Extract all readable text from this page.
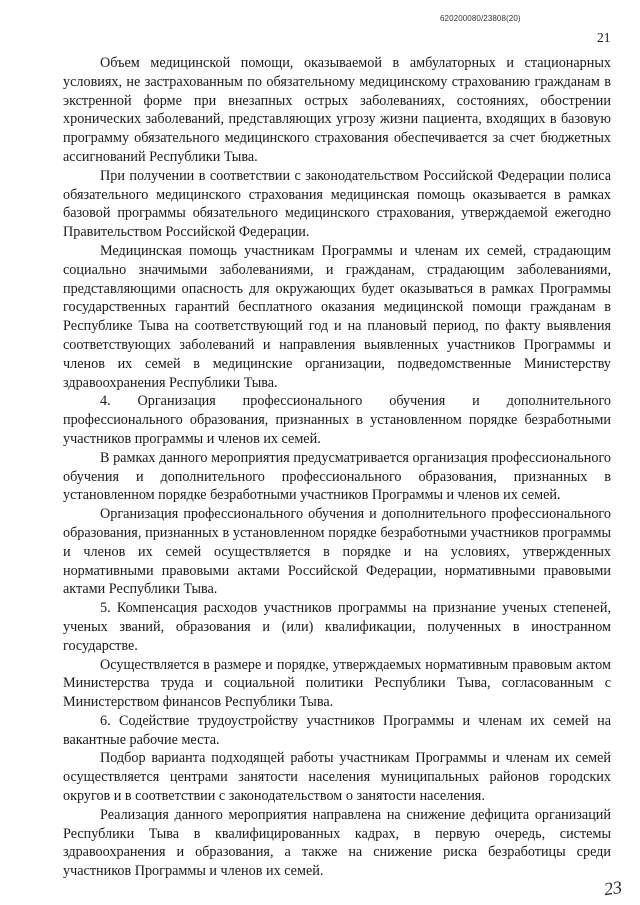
620200080/23808(20)
21

Объем медицинской помощи, оказываемой в амбулаторных и стационарных условиях, не застрахованным по обязательному медицинскому страхованию гражданам в экстренной форме при внезапных острых заболеваниях, состояниях, обострении хронических заболеваний, представляющих угрозу жизни пациента, входящих в базовую программу обязательного медицинского страхования обеспечивается за счет бюджетных ассигнований Республики Тыва.

При получении в соответствии с законодательством Российской Федерации полиса обязательного медицинского страхования медицинская помощь оказывается в рамках базовой программы обязательного медицинского страхования, утверждаемой ежегодно Правительством Российской Федерации.

Медицинская помощь участникам Программы и членам их семей, страдающим социально значимыми заболеваниями, и гражданам, страдающим заболеваниями, представляющими опасность для окружающих будет оказываться в рамках Программы государственных гарантий бесплатного оказания медицинской помощи гражданам в Республике Тыва на соответствующий год и на плановый период, по факту выявления соответствующих заболеваний и направления выявленных участников Программы и членов их семей в медицинские организации, подведомственные Министерству здравоохранения Республики Тыва.

4. Организация профессионального обучения и дополнительного профессионального образования, признанных в установленном порядке безработными участников программы и членов их семей.

В рамках данного мероприятия предусматривается организация профессионального обучения и дополнительного профессионального образования, признанных в установленном порядке безработными участников Программы и членов их семей.

Организация профессионального обучения и дополнительного профессионального образования, признанных в установленном порядке безработными участников программы и членов их семей осуществляется в порядке и на условиях, утвержденных нормативными правовыми актами Российской Федерации, нормативными правовыми актами Республики Тыва.

5. Компенсация расходов участников программы на признание ученых степеней, ученых званий, образования и (или) квалификации, полученных в иностранном государстве.

Осуществляется в размере и порядке, утверждаемых нормативным правовым актом Министерства труда и социальной политики Республики Тыва, согласованным с Министерством финансов Республики Тыва.

6. Содействие трудоустройству участников Программы и членам их семей на вакантные рабочие места.

Подбор варианта подходящей работы участникам Программы и членам их семей осуществляется центрами занятости населения муниципальных районов городских округов и в соответствии с законодательством о занятости населения.

Реализация данного мероприятия направлена на снижение дефицита организаций Республики Тыва в квалифицированных кадрах, в первую очередь, системы здравоохранения и образования, а также на снижение риска безработицы среди участников Программы и членов их семей.

23
